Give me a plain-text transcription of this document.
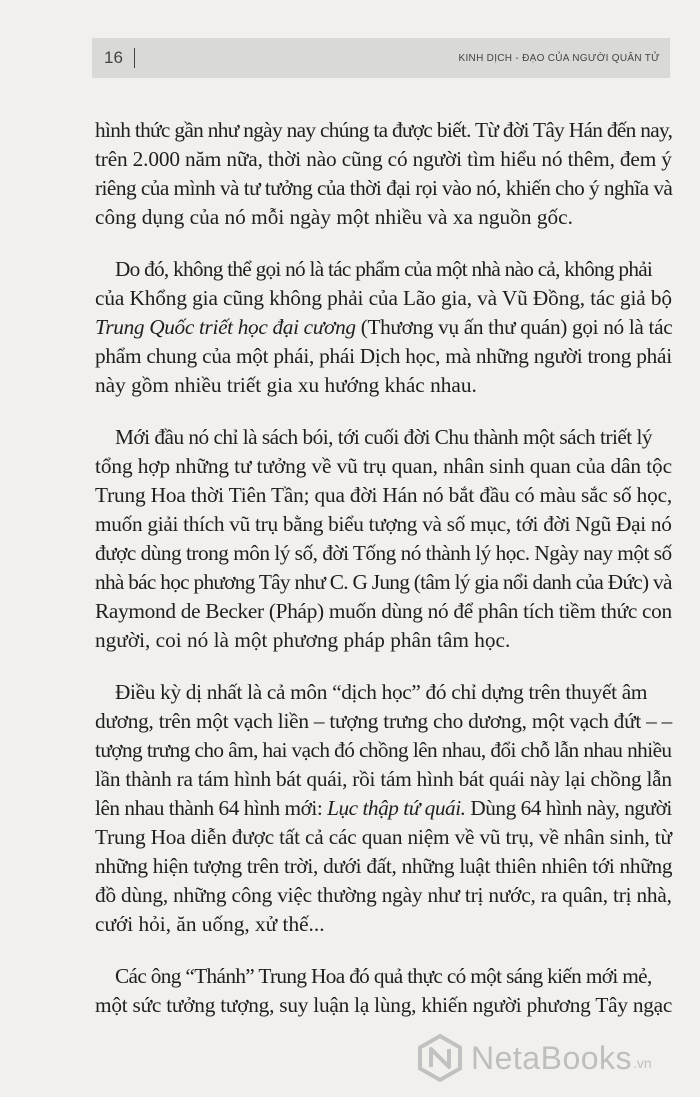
16	KINH DỊCH - ĐẠO CỦA NGƯỜI QUÂN TỬ

hình thức gần như ngày nay chúng ta được biết. Từ đời Tây Hán đến nay,
trên 2.000 năm nữa, thời nào cũng có người tìm hiểu nó thêm, đem ý
riêng của mình và tư tưởng của thời đại rọi vào nó, khiến cho ý nghĩa và
công dụng của nó mỗi ngày một nhiều và xa nguồn gốc.

Do đó, không thể gọi nó là tác phẩm của một nhà nào cả, không phải
của Khổng gia cũng không phải của Lão gia, và Vũ Đồng, tác giả bộ
Trung Quốc triết học đại cương (Thương vụ ấn thư quán) gọi nó là tác
phẩm chung của một phái, phái Dịch học, mà những người trong phái
này gồm nhiều triết gia xu hướng khác nhau.

Mới đầu nó chỉ là sách bói, tới cuối đời Chu thành một sách triết lý
tổng hợp những tư tưởng về vũ trụ quan, nhân sinh quan của dân tộc
Trung Hoa thời Tiên Tần; qua đời Hán nó bắt đầu có màu sắc số học,
muốn giải thích vũ trụ bằng biểu tượng và số mục, tới đời Ngũ Đại nó
được dùng trong môn lý số, đời Tống nó thành lý học. Ngày nay một số
nhà bác học phương Tây như C. G Jung (tâm lý gia nổi danh của Đức) và
Raymond de Becker (Pháp) muốn dùng nó để phân tích tiềm thức con
người, coi nó là một phương pháp phân tâm học.

Điều kỳ dị nhất là cả môn “dịch học” đó chỉ dựng trên thuyết âm
dương, trên một vạch liền – tượng trưng cho dương, một vạch đứt – –
tượng trưng cho âm, hai vạch đó chồng lên nhau, đổi chỗ lẫn nhau nhiều
lần thành ra tám hình bát quái, rồi tám hình bát quái này lại chồng lẫn
lên nhau thành 64 hình mới: Lục thập tứ quái. Dùng 64 hình này, người
Trung Hoa diễn được tất cả các quan niệm về vũ trụ, về nhân sinh, từ
những hiện tượng trên trời, dưới đất, những luật thiên nhiên tới những
đồ dùng, những công việc thường ngày như trị nước, ra quân, trị nhà,
cưới hỏi, ăn uống, xử thế...

Các ông “Thánh” Trung Hoa đó quả thực có một sáng kiến mới mẻ,
một sức tưởng tượng, suy luận lạ lùng, khiến người phương Tây ngạc

NetaBooks .vn
